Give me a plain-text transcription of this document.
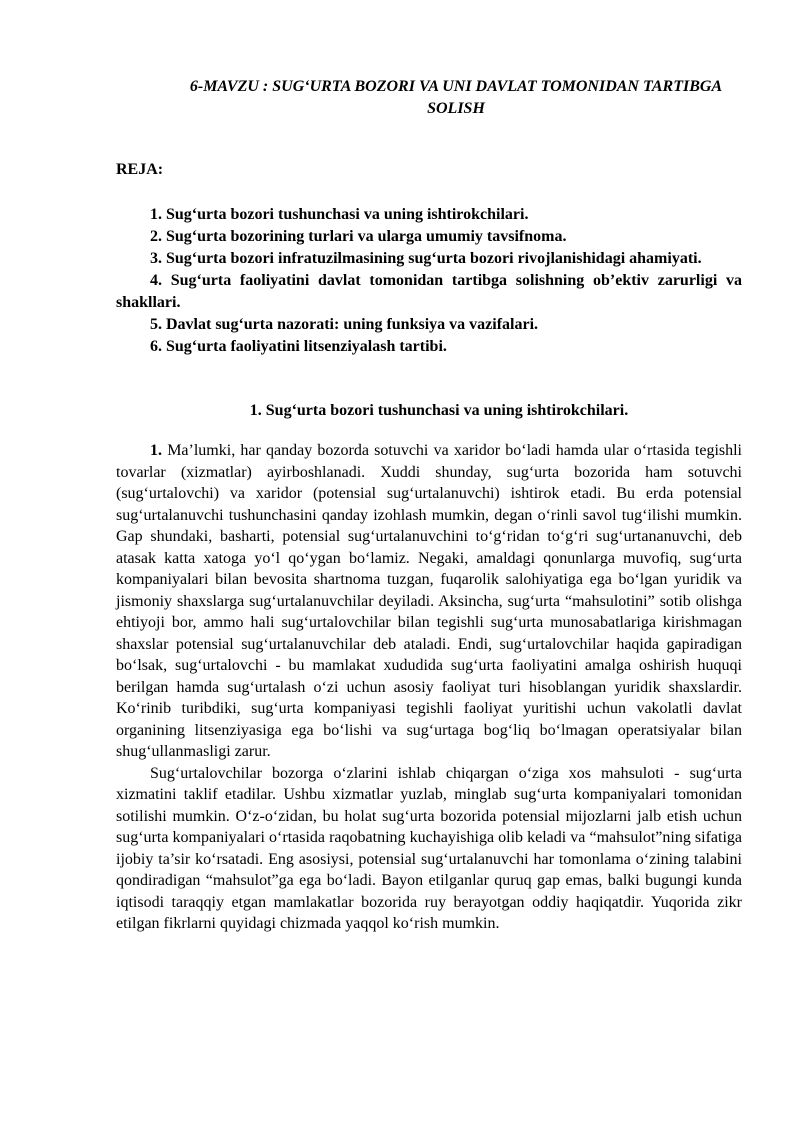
6-MAVZU : SUG‘URTA BOZORI VA UNI DAVLAT TOMONIDAN TARTIBGA SOLISH
REJA:
1. Sug‘urta bozori tushunchasi va uning ishtirokchilari.
2. Sug‘urta bozorining turlari va ularga umumiy tavsifnoma.
3. Sug‘urta bozori infratuzilmasining sug‘urta bozori rivojlanishidagi ahamiyati.
4. Sug‘urta faoliyatini davlat tomonidan tartibga solishning ob’ektiv zarurligi va shakllari.
5. Davlat sug‘urta nazorati: uning funksiya va vazifalari.
6. Sug‘urta faoliyatini litsenziyalash tartibi.
1. Sug‘urta bozori tushunchasi va uning ishtirokchilari.

1. Ma’lumki, har qanday bozorda sotuvchi va xaridor bo‘ladi hamda ular o‘rtasida tegishli tovarlar (xizmatlar) ayirboshlanadi. Xuddi shunday, sug‘urta bozorida ham sotuvchi (sug‘urtalovchi) va xaridor (potensial sug‘urtalanuvchi) ishtirok etadi. Bu erda potensial sug‘urtalanuvchi tushunchasini qanday izohlash mumkin, degan o‘rinli savol tug‘ilishi mumkin. Gap shundaki, basharti, potensial sug‘urtalanuvchini to‘g‘ridan to‘g‘ri sug‘urtananuvchi, deb atasak katta xatoga yo‘l qo‘ygan bo‘lamiz. Negaki, amaldagi qonunlarga muvofiq, sug‘urta kompaniyalari bilan bevosita shartnoma tuzgan, fuqarolik salohiyatiga ega bo‘lgan yuridik va jismoniy shaxslarga sug‘urtalanuvchilar deyiladi. Aksincha, sug‘urta “mahsulotini” sotib olishga ehtiyoji bor, ammo hali sug‘urtalovchilar bilan tegishli sug‘urta munosabatlariga kirishmagan shaxslar potensial sug‘urtalanuvchilar deb ataladi. Endi, sug‘urtalovchilar haqida gapiradigan bo‘lsak, sug‘urtalovchi - bu mamlakat xududida sug‘urta faoliyatini amalga oshirish huquqi berilgan hamda sug‘urtalash o‘zi uchun asosiy faoliyat turi hisoblangan yuridik shaxslardir. Ko‘rinib turibdiki, sug‘urta kompaniyasi tegishli faoliyat yuritishi uchun vakolatli davlat organining litsenziyasiga ega bo‘lishi va sug‘urtaga bog‘liq bo‘lmagan operatsiyalar bilan shug‘ullanmasligi zarur.

Sug‘urtalovchilar bozorga o‘zlarini ishlab chiqargan o‘ziga xos mahsuloti - sug‘urta xizmatini taklif etadilar. Ushbu xizmatlar yuzlab, minglab sug‘urta kompaniyalari tomonidan sotilishi mumkin. O‘z-o‘zidan, bu holat sug‘urta bozorida potensial mijozlarni jalb etish uchun sug‘urta kompaniyalari o‘rtasida raqobatning kuchayishiga olib keladi va “mahsulot”ning sifatiga ijobiy ta’sir ko‘rsatadi. Eng asosiysi, potensial sug‘urtalanuvchi har tomonlama o‘zining talabini qondiradigan “mahsulot”ga ega bo‘ladi. Bayon etilganlar quruq gap emas, balki bugungi kunda iqtisodi taraqqiy etgan mamlakatlar bozorida ruy berayotgan oddiy haqiqatdir. Yuqorida zikr etilgan fikrlarni quyidagi chizmada yaqqol ko‘rish mumkin.
